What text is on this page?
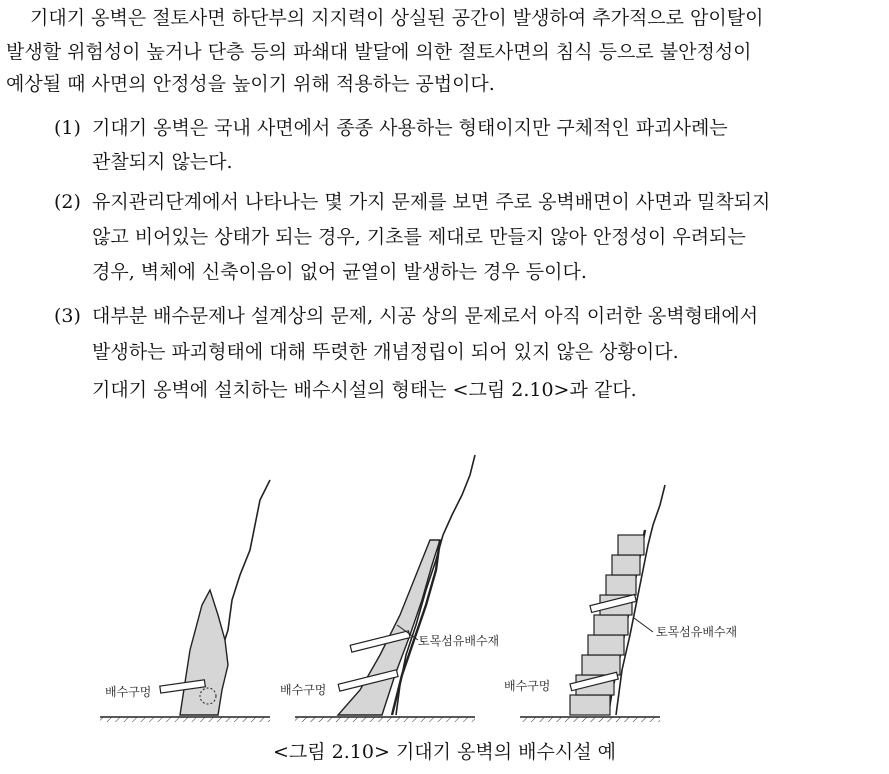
기대기 옹벽은 절토사면 하단부의 지지력이 상실된 공간이 발생하여 추가적으로 암이탈이
발생할 위험성이 높거나 단층 등의 파쇄대 발달에 의한 절토사면의 침식 등으로 불안정성이
예상될 때 사면의 안정성을 높이기 위해 적용하는 공법이다.
(1) 기대기 옹벽은 국내 사면에서 종종 사용하는 형태이지만 구체적인 파괴사례는
관찰되지 않는다.
(2) 유지관리단계에서 나타나는 몇 가지 문제를 보면 주로 옹벽배면이 사면과 밀착되지
않고 비어있는 상태가 되는 경우, 기초를 제대로 만들지 않아 안정성이 우려되는
경우, 벽체에 신축이음이 없어 균열이 발생하는 경우 등이다.
(3) 대부분 배수문제나 설계상의 문제, 시공 상의 문제로서 아직 이러한 옹벽형태에서
발생하는 파괴형태에 대해 뚜렷한 개념정립이 되어 있지 않은 상황이다.
기대기 옹벽에 설치하는 배수시설의 형태는 <그림 2.10>과 같다.
배수구멍
토목섬유배수재
배수구멍
토목섬유배수재
배수구멍
<그림 2.10> 기대기 옹벽의 배수시설 예
